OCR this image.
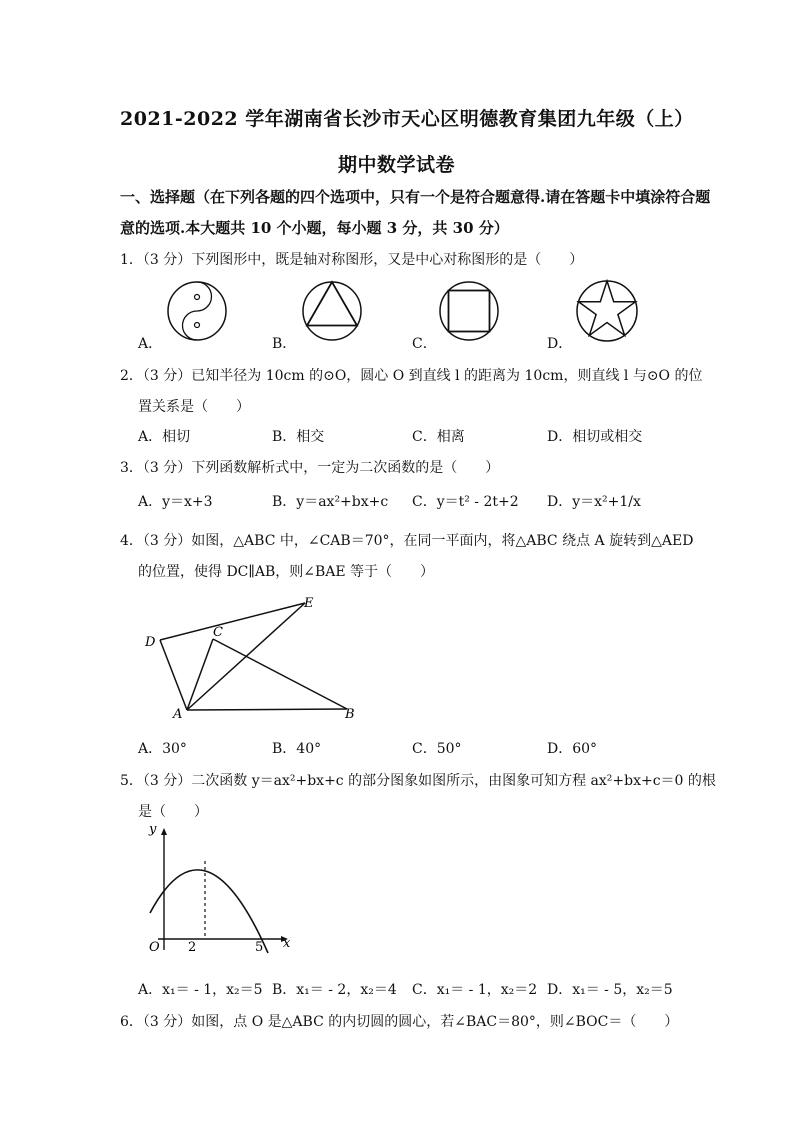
2021-2022 学年湖南省长沙市天心区明德教育集团九年级（上）
期中数学试卷
一、选择题（在下列各题的四个选项中，只有一个是符合题意得.请在答题卡中填涂符合题
意的选项.本大题共 10 个小题，每小题 3 分，共 30 分）
1．（3 分）下列图形中，既是轴对称图形，又是中心对称图形的是（　　）
A．	B．	C．	D．
2．（3 分）已知半径为 10cm 的⊙O，圆心 O 到直线 l 的距离为 10cm，则直线 l 与⊙O 的位
置关系是（　　）
A．相切	B．相交	C．相离	D．相切或相交
3．（3 分）下列函数解析式中，一定为二次函数的是（　　）
A．y＝x+3	B．y＝ax²+bx+c C．y＝t² - 2t+2 D．y＝x²+1/x
4．（3 分）如图，△ABC 中，∠CAB＝70°，在同一平面内，将△ABC 绕点 A 旋转到△AED
的位置，使得 DC∥AB，则∠BAE 等于（　　）
D
C
E
A	B
A．30°	B．40°	C．50°	D．60°
5．（3 分）二次函数 y＝ax²+bx+c 的部分图象如图所示，由图象可知方程 ax²+bx+c＝0 的根
是（　　）
y
x
O 2	5
A．x₁＝ - 1，x₂＝5 B．x₁＝ - 2，x₂＝4 C．x₁＝ - 1，x₂＝2 D．x₁＝ - 5，x₂＝5
6．（3 分）如图，点 O 是△ABC 的内切圆的圆心，若∠BAC＝80°，则∠BOC＝（　　）
